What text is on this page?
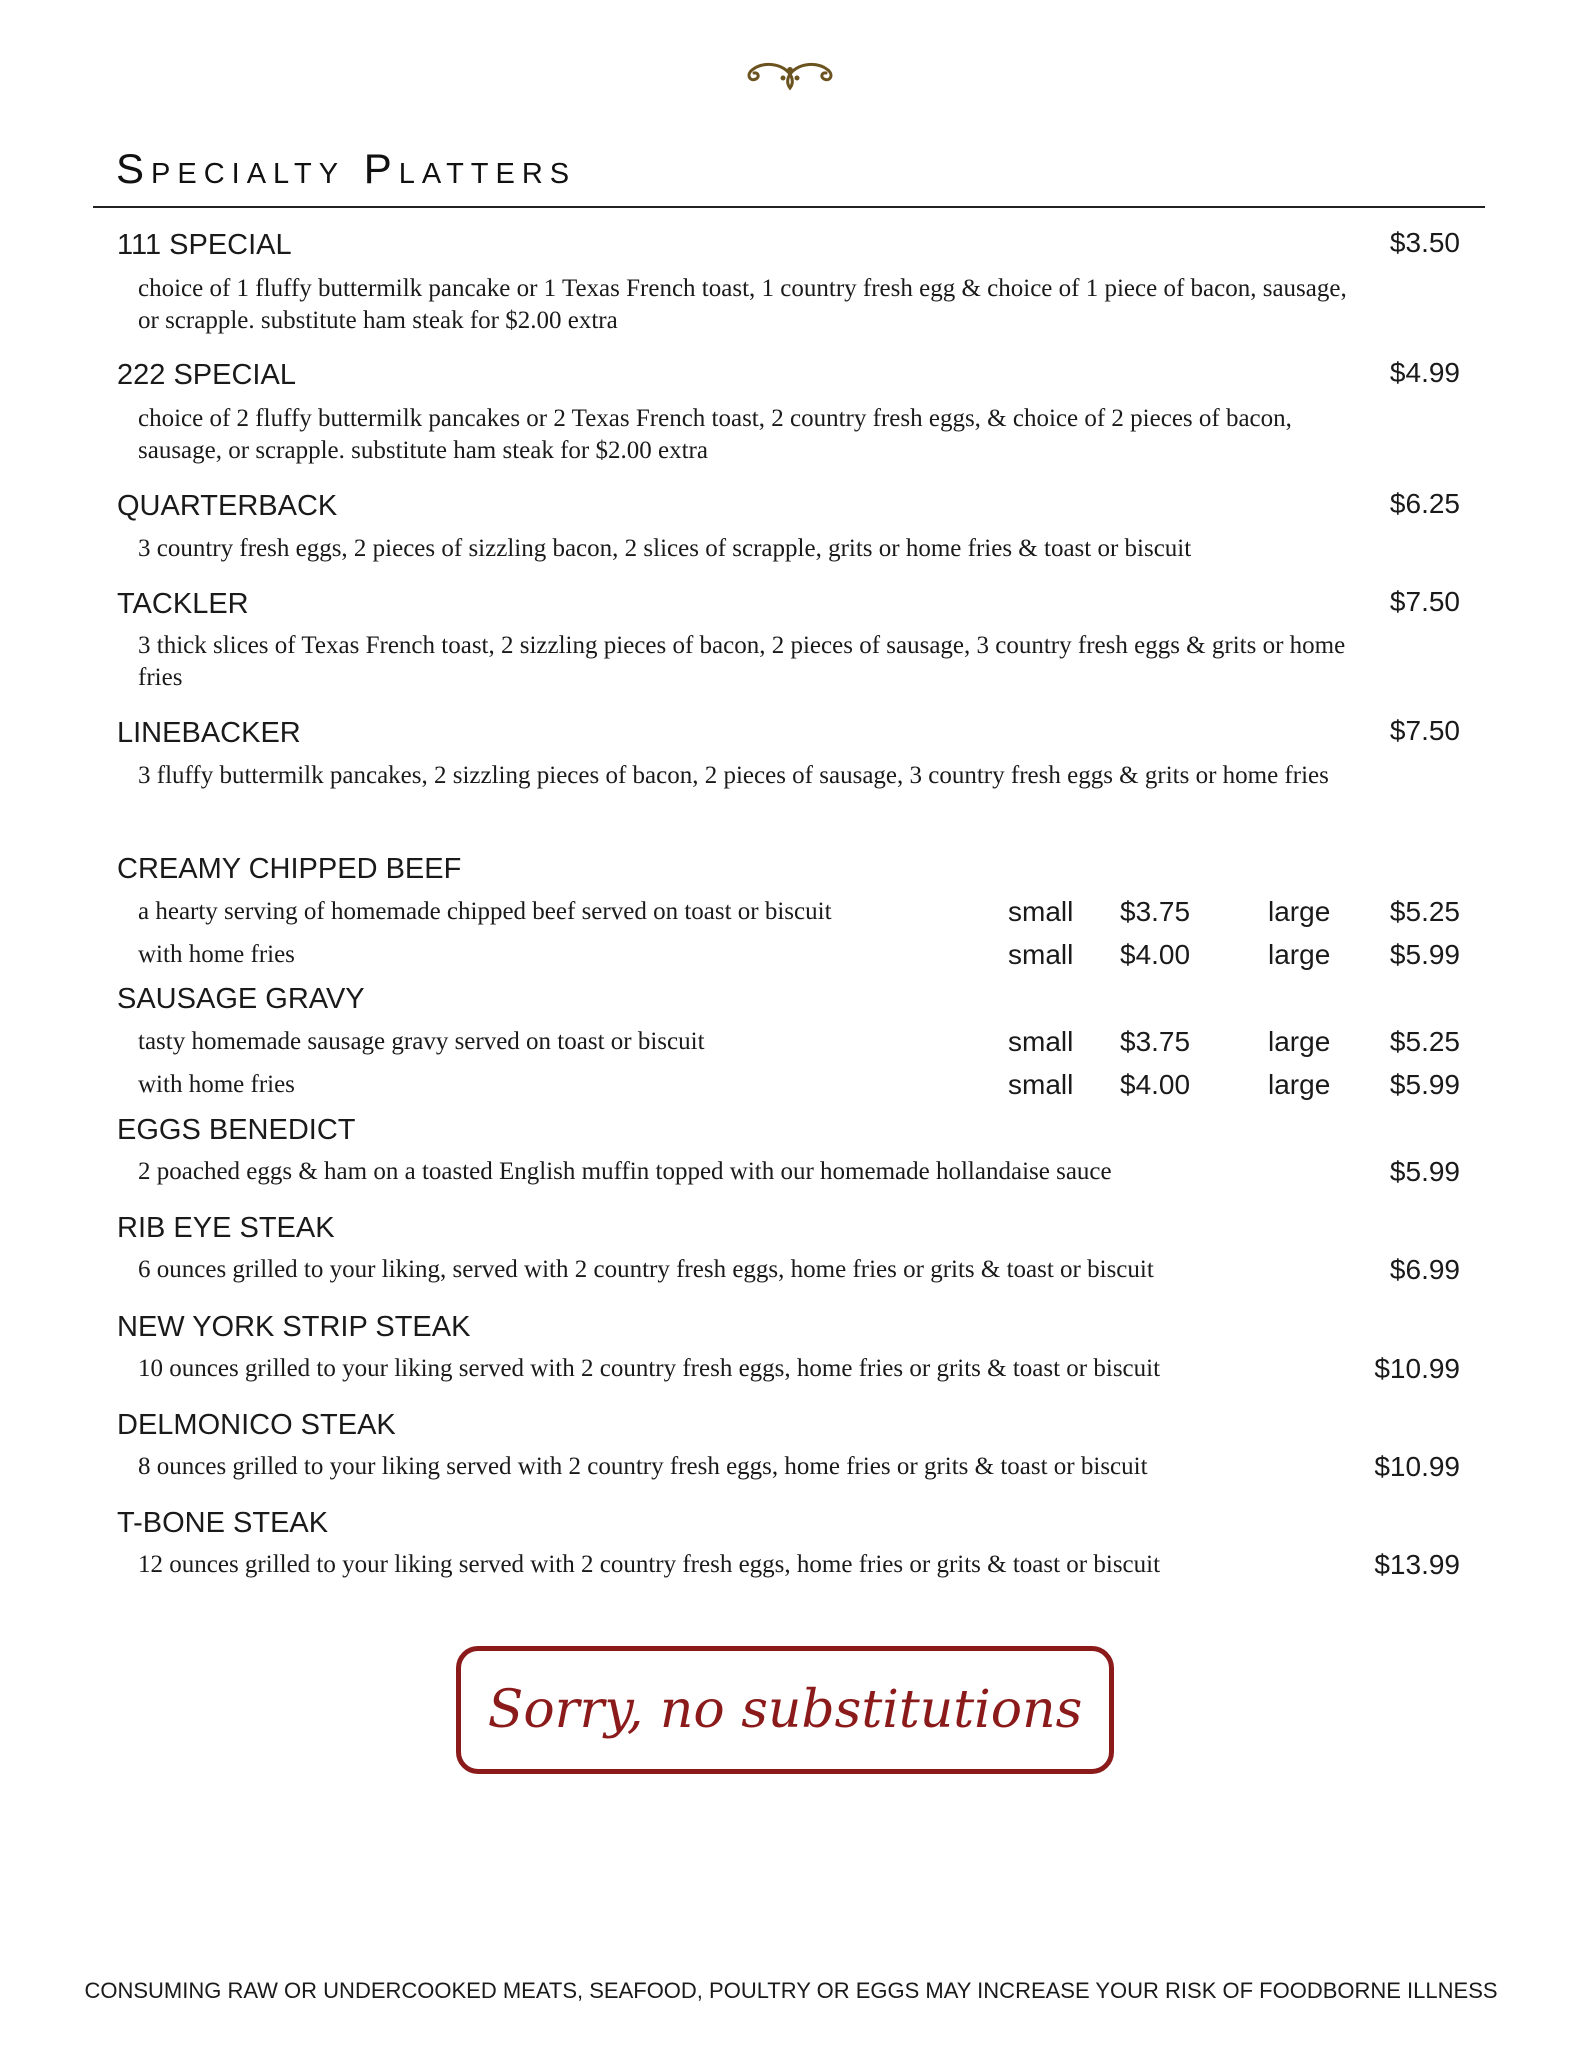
Specialty Platters
111 SPECIAL	$3.50

choice of 1 fluffy buttermilk pancake or 1 Texas French toast, 1 country fresh egg & choice of 1 piece of bacon, sausage, or scrapple. substitute ham steak for $2.00 extra

222 SPECIAL	$4.99

choice of 2 fluffy buttermilk pancakes or 2 Texas French toast, 2 country fresh eggs, & choice of 2 pieces of bacon, sausage, or scrapple. substitute ham steak for $2.00 extra

QUARTERBACK	$6.25

3 country fresh eggs, 2 pieces of sizzling bacon, 2 slices of scrapple, grits or home fries & toast or biscuit

TACKLER	$7.50

3 thick slices of Texas French toast, 2 sizzling pieces of bacon, 2 pieces of sausage, 3 country fresh eggs & grits or home fries

LINEBACKER	$7.50

3 fluffy buttermilk pancakes, 2 sizzling pieces of bacon, 2 pieces of sausage, 3 country fresh eggs & grits or home fries

CREAMY CHIPPED BEEF
a hearty serving of homemade chipped beef served on toast or biscuit	small $3.75	large $5.25
with home fries	small $4.00	large $5.99
SAUSAGE GRAVY
tasty homemade sausage gravy served on toast or biscuit	small $3.75	large $5.25
with home fries	small $4.00	large $5.99
EGGS BENEDICT

2 poached eggs & ham on a toasted English muffin topped with our homemade hollandaise sauce	$5.99
RIB EYE STEAK

6 ounces grilled to your liking, served with 2 country fresh eggs, home fries or grits & toast or biscuit	$6.99
NEW YORK STRIP STEAK

10 ounces grilled to your liking served with 2 country fresh eggs, home fries or grits & toast or biscuit	$10.99
DELMONICO STEAK

8 ounces grilled to your liking served with 2 country fresh eggs, home fries or grits & toast or biscuit	$10.99
T-BONE STEAK

12 ounces grilled to your liking served with 2 country fresh eggs, home fries or grits & toast or biscuit	$13.99
Sorry, no substitutions
CONSUMING RAW OR UNDERCOOKED MEATS, SEAFOOD, POULTRY OR EGGS MAY INCREASE YOUR RISK OF FOODBORNE ILLNESS
